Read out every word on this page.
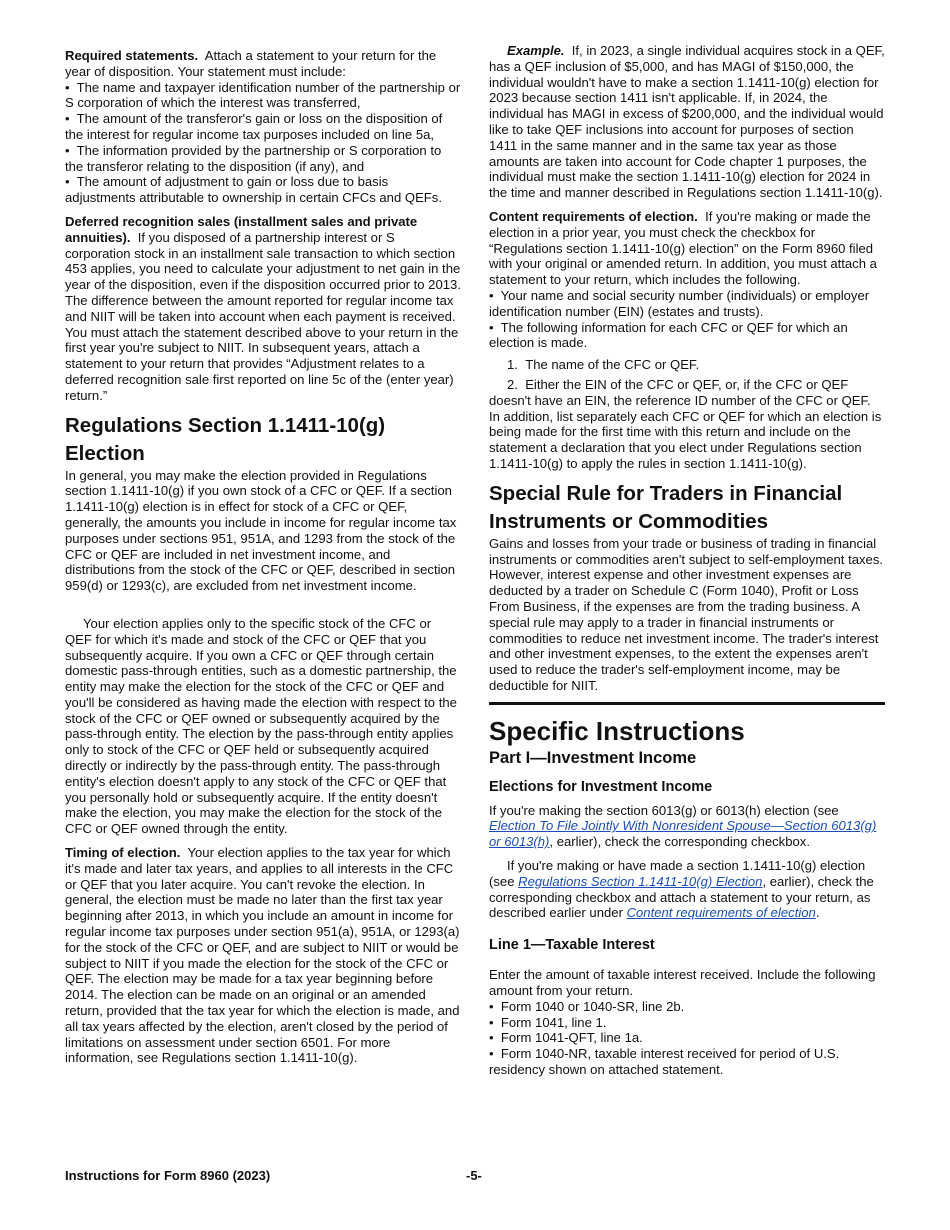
Required statements. Attach a statement to your return for the year of disposition. Your statement must include:

•  The name and taxpayer identification number of the partnership or S corporation of which the interest was transferred,
•  The amount of the transferor's gain or loss on the disposition of the interest for regular income tax purposes included on line 5a,
•  The information provided by the partnership or S corporation to the transferor relating to the disposition (if any), and
•  The amount of adjustment to gain or loss due to basis adjustments attributable to ownership in certain CFCs and QEFs.

Deferred recognition sales (installment sales and private annuities). If you disposed of a partnership interest or S corporation stock in an installment sale transaction to which section 453 applies, you need to calculate your adjustment to net gain in the year of the disposition, even if the disposition occurred prior to 2013. The difference between the amount reported for regular income tax and NIIT will be taken into account when each payment is received. You must attach the statement described above to your return in the first year you're subject to NIIT. In subsequent years, attach a statement to your return that provides “Adjustment relates to a deferred recognition sale first reported on line 5c of the (enter year) return.”

Regulations Section 1.1411-10(g) Election

In general, you may make the election provided in Regulations section 1.1411-10(g) if you own stock of a CFC or QEF. If a section 1.1411-10(g) election is in effect for stock of a CFC or QEF, generally, the amounts you include in income for regular income tax purposes under sections 951, 951A, and 1293 from the stock of the CFC or QEF are included in net investment income, and distributions from the stock of the CFC or QEF, described in section 959(d) or 1293(c), are excluded from net investment income.

Your election applies only to the specific stock of the CFC or QEF for which it's made and stock of the CFC or QEF that you subsequently acquire. If you own a CFC or QEF through certain domestic pass-through entities, such as a domestic partnership, the entity may make the election for the stock of the CFC or QEF and you'll be considered as having made the election with respect to the stock of the CFC or QEF owned or subsequently acquired by the pass-through entity. The election by the pass-through entity applies only to stock of the CFC or QEF held or subsequently acquired directly or indirectly by the pass-through entity. The pass-through entity's election doesn't apply to any stock of the CFC or QEF that you personally hold or subsequently acquire. If the entity doesn't make the election, you may make the election for the stock of the CFC or QEF owned through the entity.

Timing of election. Your election applies to the tax year for which it's made and later tax years, and applies to all interests in the CFC or QEF that you later acquire. You can't revoke the election. In general, the election must be made no later than the first tax year beginning after 2013, in which you include an amount in income for regular income tax purposes under section 951(a), 951A, or 1293(a) for the stock of the CFC or QEF, and are subject to NIIT or would be subject to NIIT if you made the election for the stock of the CFC or QEF. The election may be made for a tax year beginning before 2014. The election can be made on an original or an amended return, provided that the tax year for which the election is made, and all tax years affected by the election, aren't closed by the period of limitations on assessment under section 6501. For more information, see Regulations section 1.1411-10(g).

Example. If, in 2023, a single individual acquires stock in a QEF, has a QEF inclusion of $5,000, and has MAGI of $150,000, the individual wouldn't have to make a section 1.1411-10(g) election for 2023 because section 1411 isn't applicable. If, in 2024, the individual has MAGI in excess of $200,000, and the individual would like to take QEF inclusions into account for purposes of section 1411 in the same manner and in the same tax year as those amounts are taken into account for Code chapter 1 purposes, the individual must make the section 1.1411-10(g) election for 2024 in the time and manner described in Regulations section 1.1411-10(g).

Content requirements of election. If you're making or made the election in a prior year, you must check the checkbox for “Regulations section 1.1411-10(g) election” on the Form 8960 filed with your original or amended return. In addition, you must attach a statement to your return, which includes the following.

•  Your name and social security number (individuals) or employer identification number (EIN) (estates and trusts).
•  The following information for each CFC or QEF for which an election is made.

1.  The name of the CFC or QEF.

2.  Either the EIN of the CFC or QEF, or, if the CFC or QEF doesn't have an EIN, the reference ID number of the CFC or QEF.

In addition, list separately each CFC or QEF for which an election is being made for the first time with this return and include on the statement a declaration that you elect under Regulations section 1.1411-10(g) to apply the rules in section 1.1411-10(g).

Special Rule for Traders in Financial Instruments or Commodities

Gains and losses from your trade or business of trading in financial instruments or commodities aren't subject to self-employment taxes. However, interest expense and other investment expenses are deducted by a trader on Schedule C (Form 1040), Profit or Loss From Business, if the expenses are from the trading business. A special rule may apply to a trader in financial instruments or commodities to reduce net investment income. The trader's interest and other investment expenses, to the extent the expenses aren't used to reduce the trader's self-employment income, may be deductible for NIIT.

Specific Instructions
Part I—Investment Income
Elections for Investment Income

If you're making the section 6013(g) or 6013(h) election (see Election To File Jointly With Nonresident Spouse—Section 6013(g) or 6013(h), earlier), check the corresponding checkbox.

If you're making or have made a section 1.1411-10(g) election (see Regulations Section 1.1411-10(g) Election, earlier), check the corresponding checkbox and attach a statement to your return, as described earlier under Content requirements of election.

Line 1—Taxable Interest

Enter the amount of taxable interest received. Include the following amount from your return.

•  Form 1040 or 1040-SR, line 2b.
•  Form 1041, line 1.
•  Form 1041-QFT, line 1a.
•  Form 1040-NR, taxable interest received for period of U.S. residency shown on attached statement.
Instructions for Form 8960 (2023)	-5-
